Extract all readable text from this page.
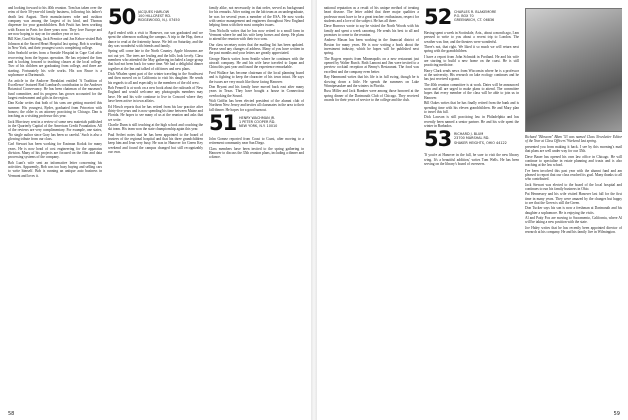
and looking forward to his 40th reunion. Tom has taken over the reins of their 50-year-old family business, following his father's death last August. Their manufacturers robe and cushion company was among the largest of its kind, and Thomas dispenser for your grandchildren. Bob Pruitt has been working with Exxon in Paris for three years now. They love Europe and are now hoping to stay on for another year or two.

Bill Kier, Gard Stirling, Jack Prentice and Jon Kehoe visited Bob Johnson at the Sacred Heart Hospital last spring. Bob is working in New York, and their youngest son is completing college.

John Seabold writes from a Seaside Hospital in Cape Cod after recovering from the bypass operation. He has rejoined the firm and is looking forward to teaching classes at the local college. Two of his children are graduating from college, and three are starting. Fortunately his wife works. His son Bruce is a sophomore at Dartmouth.

An article in the Andover Breakfast entitled 'A Tradition of Excellence' featured Rod Lombard's contribution to the Andover Botanical Conservancy. He has been chairman of the museum's fund committee, and its progress has grown accounted for the largest endowment and gifts in the region.

Dan Kolar writes that both of his sons are getting married this summer. His youngest, Ryder, graduated from Princeton with honors; the older is an attorney practicing in Chicago. Dan is teaching as a visiting professor this year.

Jack Morrissey sent in a review of some new materials published in the Quarterly Capital of the American Credit Foundation. All of the reviews are very complimentary. For example, one states, 'No single author since Gray has been so careful.' Such is also a glowing tribute from our class.

Carl Stewart has been working for Eastman Kodak for many years. He is now head of cost engineering for the apparatus division. Many of his projects are focused on the film and data processing systems of the company.

Bob Lunt's wife sent an informative letter concerning his activities. Apparently, Bob was too busy buying and selling cars to write himself. Bob is running an antique auto business in Vermont and loves it.

50 JACQUES HARLOW
100 HILLCREST RD.
RIDGEWOOD, N.J. 07450

April ended with a visit to Hanover, our son graduated and we spent the afternoon walking the campus. A trip to the Hop, then a dance to read at the fraternity house. We left on Saturday, and the day was wonderful with friends and family.

Spring will come late to the North Country. Apple blossoms are not out yet. The trees are leafing and the hills look lovely. Class members who attended the May gathering included a large group that had not been back for some time. We had a delightful dinner together at the Inn and talked of old times and new plans.

Dick Whalen spent part of the winter traveling in the Southwest and then moved on to California to visit his daughter. He sends his regards to all and especially to the members of the old crew.

Bob Fennell is at work on a new book about the railroads of New England and would welcome any photographs members may have. He and his wife continue to live in Concord where they have been active in town affairs.

Ed Hirsch reports that he has retired from his law practice after thirty-five years and is now spending his time between Maine and Florida. He hopes to see many of us at the reunion and asks that we write.

Charlie Dunn is still teaching at the high school and coaching the ski team. His team won the state championship again this year.

Paul Seifert notes that he has been appointed to the board of trustees of the regional hospital and that his three grandchildren keep him and Jean very busy. He was in Hanover for Green Key weekend and found the campus changed but still recognizably our own.

family alike, not necessarily in that order, served as background for his remarks. After noting on the lab team as an undergraduate, he was for several years a member of the ESA. He now works with senior management and engineers throughout New England helping firms with their most complex issues.

Tom Nicholls writes that he has now retired to a small farm in Vermont where he and his wife keep horses and sheep. He plans to attend the reunion with their two sons.

Our class secretary notes that the mailing list has been updated. Please send any changes of address. Many of you have written in the past months and your letters are greatly appreciated.

George Harris writes from Seattle where he continues with the aircraft company. He and his wife have traveled to Japan and China this past year and found the experience remarkable.

Fred Wallace has become chairman of the local planning board and is fighting to keep the character of his town intact. He says the issues are very much like those facing Hanover.

Don Bryant and his family have moved back east after many years in Texas. They have bought a house in Connecticut overlooking the Sound.

Walt Griffin has been elected president of the alumni club of Northern New Jersey and invites all classmates in the area to their fall dinner. He hopes for a good turnout.

51 HENRY WACHMAN JR.
1 PETER COOPER RD.
NEW YORK, N.Y. 10010

John Gomez reported from Coast to Coast, after moving to a retirement community near San Diego.

Class members have been invited to the spring gathering in Hanover to discuss the 35th reunion plans, including a dinner and a dance.

58

national reputation as a result of his unique method of treating heart disease. The letter added that three major qualities a professor must have to be a great teacher: enthusiasm, respect for students and a love of the subject. He has all three.

Dave Burrows wrote to say he visited the North Woods with his family and spent a week canoeing. He sends his best to all and promises to come to the reunion.

Andrew Mason has been working in the financial district of Boston for many years. He is now writing a book about the investment industry, which he hopes will be published next spring.

The Rogers reports from Minneapolis on a new restaurant just opened by Walter Burch. Both Lamont and Jim were invited to a preview cocktail reception at Benny's Restaurant. The food was excellent and the company even better.

Ray Hammond writes that his life is in full swing, though he is slowing down a little. He spends the summers on Lake Winnipesaukee and the winters in Florida.

Russ Miller and Jack Bamber were among those honored at the spring dinner of the Dartmouth Club of Chicago. They received awards for their years of service to the college and the club.

52 CHARLES R. BLAKEMORE
P.O. BOX 70
GREENWICH, CT. 06836

Having spent a week in Scottsdale, Ariz., about a month ago, I am pressed to write to you about a recent trip to London. The weather was fine, and the theaters were wonderful.

There's not, that right. We liked it so much we will return next spring with the grandchildren.

I have a report from John Schmidt in Portland. He and his wife are starting to build a new home on the coast. He is still practicing medicine.

Harry Clark sends news from Wisconsin where he is a professor at the university. His research on lake ecology continues and he has just received a grant.

The 40th reunion committee is at work. Dates will be announced soon and all are urged to make plans to attend. The committee hopes that every member of the class will be able to join us in Hanover.

Bill Oakes writes that he has finally retired from the bank and is spending time with his eleven grandchildren. He and Mary plan to travel this fall.

Dick Lawson is still practicing law in Philadelphia and has recently been named a senior partner. He and his wife spent the winter in Barbados.

53 RICHARD J. BLUM
23700 MARSHAL RD.
SHAKER HEIGHTS, OHIO 44122

'If you're at Hanover in the fall, be sure to visit the new library wing. It's a beautiful addition,' writes Tom Wells. He has been serving on the library's board of overseers.

Richard "Blossom" Blum '53 was named Class Newsletter Editor of the Year at Class Officers' Weekend last spring.

presented you from making it back. I see by this morning's mail that plans are well under way for our 35th.

Dave Bauer has opened his own law office in Chicago. He will continue to specialize in estate planning and trusts and is also teaching at the law school.

I've been involved this past year with the alumni fund and am pleased to report that our class reached its goal. Many thanks to all who contributed.

Jack Stewart was elected to the board of the local hospital and continues to run his family business in Ohio.

Pat Hennessey and his wife visited Hanover last fall for the first time in many years. They were amazed by the changes but happy to see that the Green is still the Green.

Don Tucker says his son is now a freshman at Dartmouth and his daughter a sophomore. He is enjoying the visits.

Al and Patty Fox are moving to Sacramento, California, where Al will be taking a new position with the state.

Joe Haley writes that he has recently been appointed director of research at his company. He and his family live in Wilmington.

59
